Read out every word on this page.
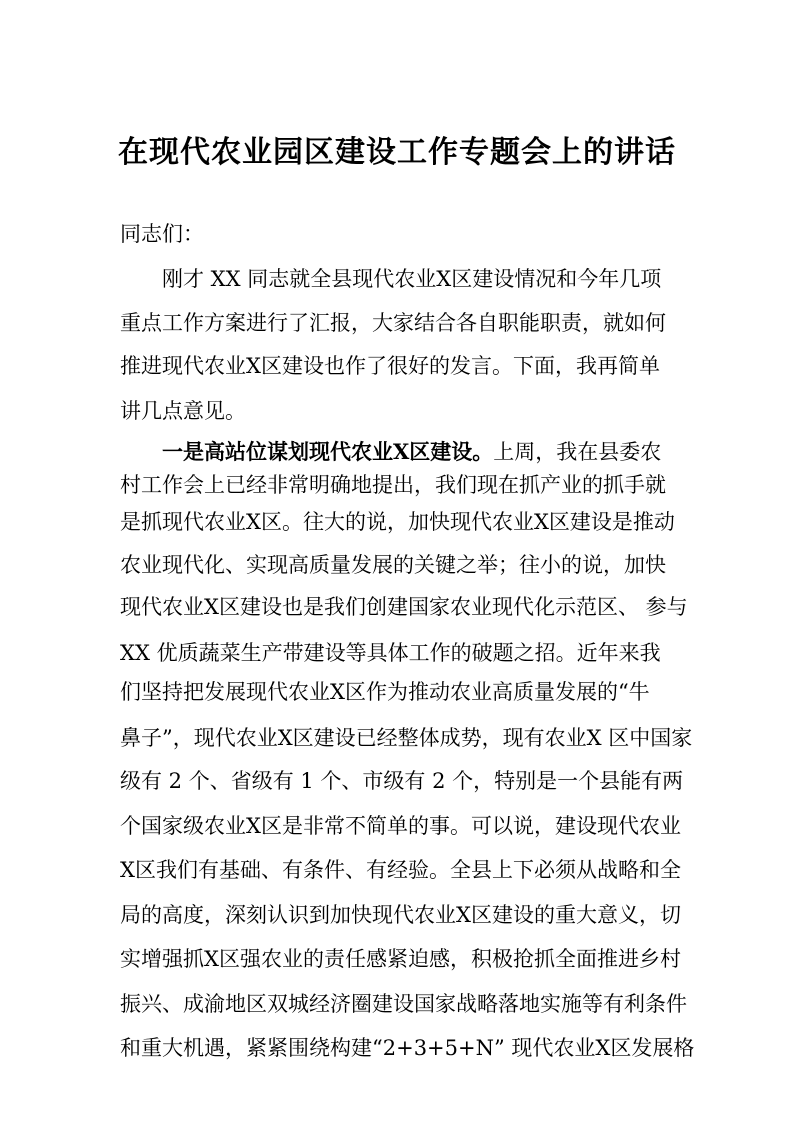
在现代农业园区建设工作专题会上的讲话
同志们：
刚才 XX 同志就全县现代农业X区建设情况和今年几项
重点工作方案进行了汇报，大家结合各自职能职责，就如何
推进现代农业X区建设也作了很好的发言。下面，我再简单
讲几点意见。
一是高站位谋划现代农业X区建设。上周，我在县委农
村工作会上已经非常明确地提出，我们现在抓产业的抓手就
是抓现代农业X区。往大的说，加快现代农业X区建设是推动
农业现代化、实现高质量发展的关键之举；往小的说，加快
现代农业X区建设也是我们创建国家农业现代化示范区、 参与
XX 优质蔬菜生产带建设等具体工作的破题之招。近年来我
们坚持把发展现代农业X区作为推动农业高质量发展的“牛
鼻子”，现代农业X区建设已经整体成势，现有农业X 区中国家
级有 2 个、省级有 1 个、市级有 2 个，特别是一个县能有两
个国家级农业X区是非常不简单的事。可以说，建设现代农业
X区我们有基础、有条件、有经验。全县上下必须从战略和全
局的高度，深刻认识到加快现代农业X区建设的重大意义，切
实增强抓X区强农业的责任感紧迫感，积极抢抓全面推进乡村
振兴、成渝地区双城经济圈建设国家战略落地实施等有利条件
和重大机遇，紧紧围绕构建“2+3+5+N” 现代农业X区发展格
